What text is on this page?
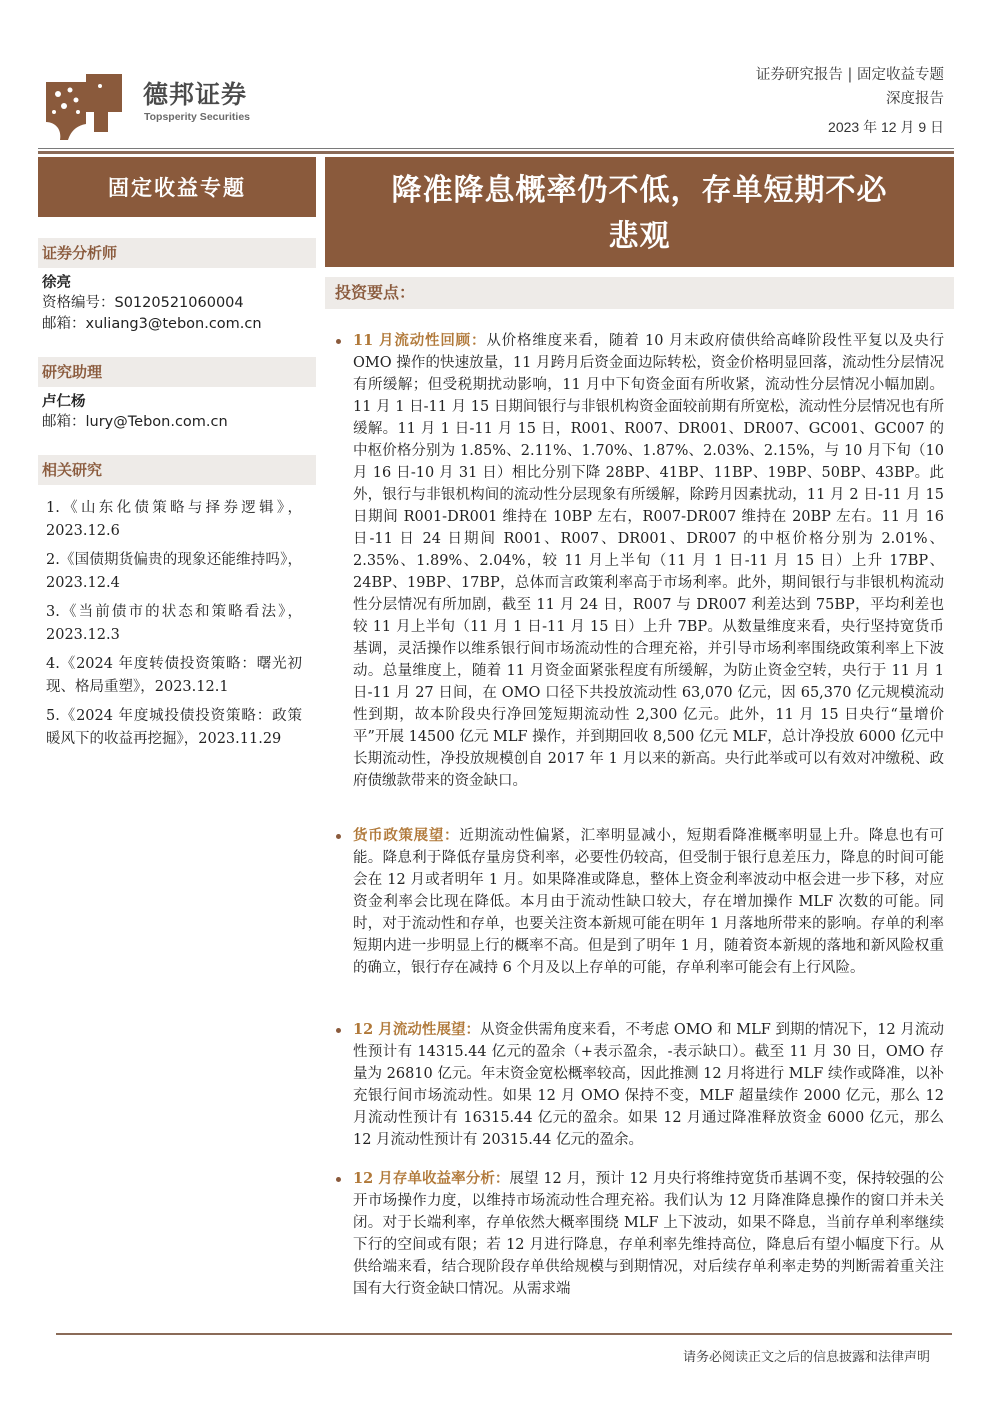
德邦证券
Topsperity Securities
证券研究报告 | 固定收益专题
深度报告
2023 年 12 月 9 日
固定收益专题
证券分析师
徐亮
资格编号：S0120521060004
邮箱：xuliang3@tebon.com.cn
研究助理
卢仁杨
邮箱：lury@Tebon.com.cn
相关研究
1.《山东化债策略与择券逻辑》，2023.12.6
2.《国债期货偏贵的现象还能维持吗》，2023.12.4
3.《当前债市的状态和策略看法》，2023.12.3
4.《2024 年度转债投资策略：曙光初现、格局重塑》，2023.12.1
5.《2024 年度城投债投资策略：政策暖风下的收益再挖掘》，2023.11.29
降准降息概率仍不低，存单短期不必
悲观
投资要点：
11 月流动性回顾：从价格维度来看，随着 10 月末政府债供给高峰阶段性平复以及央行 OMO 操作的快速放量，11 月跨月后资金面边际转松，资金价格明显回落，流动性分层情况有所缓解；但受税期扰动影响，11 月中下旬资金面有所收紧，流动性分层情况小幅加剧。11 月 1 日-11 月 15 日期间银行与非银机构资金面较前期有所宽松，流动性分层情况也有所缓解。11 月 1 日-11 月 15 日，R001、R007、DR001、DR007、GC001、GC007 的中枢价格分别为 1.85%、2.11%、1.70%、1.87%、2.03%、2.15%，与 10 月下旬（10 月 16 日-10 月 31 日）相比分别下降 28BP、41BP、11BP、19BP、50BP、43BP。此外，银行与非银机构间的流动性分层现象有所缓解，除跨月因素扰动，11 月 2 日-11 月 15 日期间 R001-DR001 维持在 10BP 左右，R007-DR007 维持在 20BP 左右。11 月 16 日-11 日 24 日期间 R001、R007、DR001、DR007 的中枢价格分别为 2.01%、2.35%、1.89%、2.04%，较 11 月上半旬（11 月 1 日-11 月 15 日）上升 17BP、24BP、19BP、17BP，总体而言政策利率高于市场利率。此外，期间银行与非银机构流动性分层情况有所加剧，截至 11 月 24 日，R007 与 DR007 利差达到 75BP，平均利差也较 11 月上半旬（11 月 1 日-11 月 15 日）上升 7BP。从数量维度来看，央行坚持宽货币基调，灵活操作以维系银行间市场流动性的合理充裕，并引导市场利率围绕政策利率上下波动。总量维度上，随着 11 月资金面紧张程度有所缓解，为防止资金空转，央行于 11 月 1 日-11 月 27 日间，在 OMO 口径下共投放流动性 63,070 亿元，因 65,370 亿元规模流动性到期，故本阶段央行净回笼短期流动性 2,300 亿元。此外，11 月 15 日央行“量增价平”开展 14500 亿元 MLF 操作，并到期回收 8,500 亿元 MLF，总计净投放 6000 亿元中长期流动性，净投放规模创自 2017 年 1 月以来的新高。央行此举或可以有效对冲缴税、政府债缴款带来的资金缺口。
货币政策展望：近期流动性偏紧，汇率明显减小，短期看降准概率明显上升。降息也有可能。降息利于降低存量房贷利率，必要性仍较高，但受制于银行息差压力，降息的时间可能会在 12 月或者明年 1 月。如果降准或降息，整体上资金利率波动中枢会进一步下移，对应资金利率会比现在降低。本月由于流动性缺口较大，存在增加操作 MLF 次数的可能。同时，对于流动性和存单，也要关注资本新规可能在明年 1 月落地所带来的影响。存单的利率短期内进一步明显上行的概率不高。但是到了明年 1 月，随着资本新规的落地和新风险权重的确立，银行存在减持 6 个月及以上存单的可能，存单利率可能会有上行风险。
12 月流动性展望：从资金供需角度来看，不考虑 OMO 和 MLF 到期的情况下，12 月流动性预计有 14315.44 亿元的盈余（+表示盈余，-表示缺口）。截至 11 月 30 日，OMO 存量为 26810 亿元。年末资金宽松概率较高，因此推测 12 月将进行 MLF 续作或降准，以补充银行间市场流动性。如果 12 月 OMO 保持不变，MLF 超量续作 2000 亿元，那么 12 月流动性预计有 16315.44 亿元的盈余。如果 12 月通过降准释放资金 6000 亿元，那么 12 月流动性预计有 20315.44 亿元的盈余。
12 月存单收益率分析：展望 12 月，预计 12 月央行将维持宽货币基调不变，保持较强的公开市场操作力度，以维持市场流动性合理充裕。我们认为 12 月降准降息操作的窗口并未关闭。对于长端利率，存单依然大概率围绕 MLF 上下波动，如果不降息，当前存单利率继续下行的空间或有限；若 12 月进行降息，存单利率先维持高位，降息后有望小幅度下行。从供给端来看，结合现阶段存单供给规模与到期情况，对后续存单利率走势的判断需着重关注国有大行资金缺口情况。从需求端
请务必阅读正文之后的信息披露和法律声明
